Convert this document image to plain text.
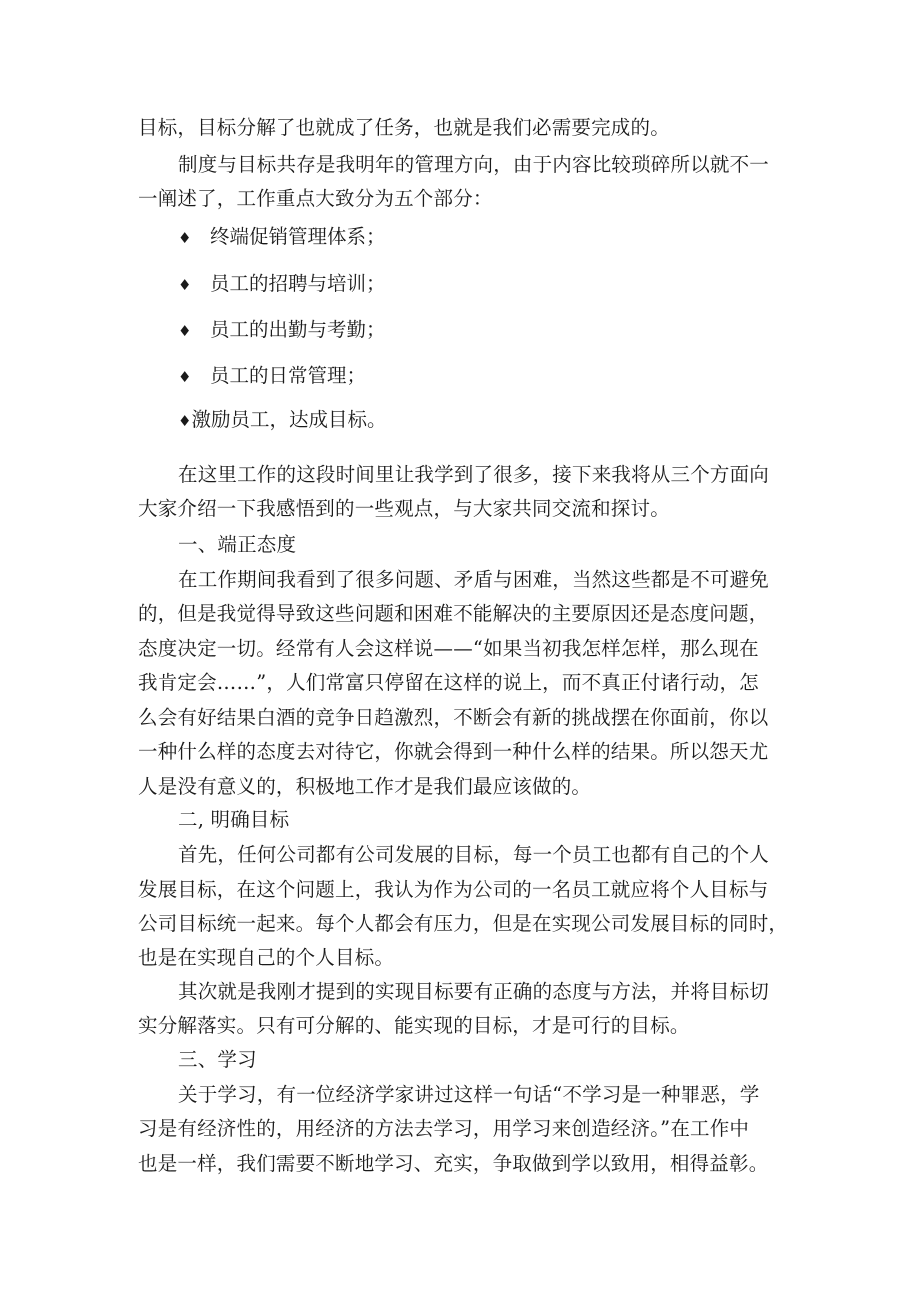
目标，目标分解了也就成了任务，也就是我们必需要完成的。
制度与目标共存是我明年的管理方向，由于内容比较琐碎所以就不一
一阐述了，工作重点大致分为五个部分：
♦ 终端促销管理体系；
♦ 员工的招聘与培训；
♦ 员工的出勤与考勤；
♦ 员工的日常管理；
♦激励员工，达成目标。
在这里工作的这段时间里让我学到了很多，接下来我将从三个方面向
大家介绍一下我感悟到的一些观点，与大家共同交流和探讨。
一、端正态度
在工作期间我看到了很多问题、矛盾与困难，当然这些都是不可避免
的，但是我觉得导致这些问题和困难不能解决的主要原因还是态度问题，
态度决定一切。经常有人会这样说——“如果当初我怎样怎样，那么现在
我肯定会……”，人们常富只停留在这样的说上，而不真正付诸行动，怎
么会有好结果白酒的竞争日趋激烈，不断会有新的挑战摆在你面前，你以
一种什么样的态度去对待它，你就会得到一种什么样的结果。所以怨天尤
人是没有意义的，积极地工作才是我们最应该做的。
二, 明确目标
首先，任何公司都有公司发展的目标，每一个员工也都有自己的个人
发展目标，在这个问题上，我认为作为公司的一名员工就应将个人目标与
公司目标统一起来。每个人都会有压力，但是在实现公司发展目标的同时，
也是在实现自己的个人目标。
其次就是我刚才提到的实现目标要有正确的态度与方法，并将目标切
实分解落实。只有可分解的、能实现的目标，才是可行的目标。
三、学习
关于学习，有一位经济学家讲过这样一句话“不学习是一种罪恶，学
习是有经济性的，用经济的方法去学习，用学习来创造经济。”在工作中
也是一样，我们需要不断地学习、充实，争取做到学以致用，相得益彰。
